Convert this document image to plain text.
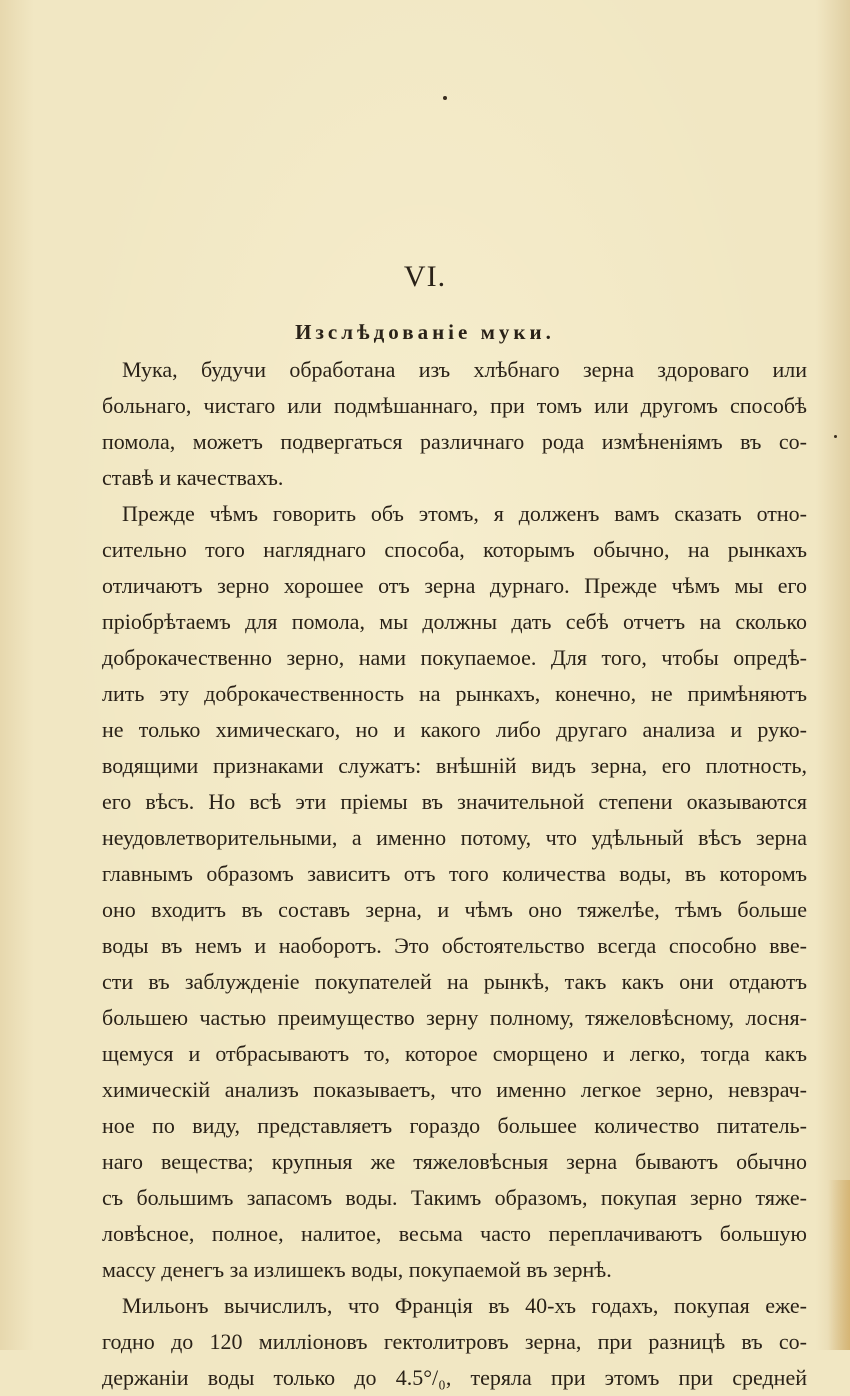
VI.
Изслѣдованіе муки.
Мука, будучи обработана изъ хлѣбнаго зерна здороваго или
больнаго, чистаго или подмѣшаннаго, при томъ или другомъ способѣ
помола, можетъ подвергаться различнаго рода измѣненіямъ въ со-
ставѣ и качествахъ.
Прежде чѣмъ говорить объ этомъ, я долженъ вамъ сказать отно-
сительно того нагляднаго способа, которымъ обычно, на рынкахъ
отличаютъ зерно хорошее отъ зерна дурнаго. Прежде чѣмъ мы его
пріобрѣтаемъ для помола, мы должны дать себѣ отчетъ на сколько
доброкачественно зерно, нами покупаемое. Для того, чтобы опредѣ-
лить эту доброкачественность на рынкахъ, конечно, не примѣняютъ
не только химическаго, но и какого либо другаго анализа и руко-
водящими признаками служатъ: внѣшній видъ зерна, его плотность,
его вѣсъ. Но всѣ эти пріемы въ значительной степени оказываются
неудовлетворительными, а именно потому, что удѣльный вѣсъ зерна
главнымъ образомъ зависитъ отъ того количества воды, въ которомъ
оно входитъ въ составъ зерна, и чѣмъ оно тяжелѣе, тѣмъ больше
воды въ немъ и наоборотъ. Это обстоятельство всегда способно вве-
сти въ заблужденіе покупателей на рынкѣ, такъ какъ они отдаютъ
большею частью преимущество зерну полному, тяжеловѣсному, лосня-
щемуся и отбрасываютъ то, которое сморщено и легко, тогда какъ
химическій анализъ показываетъ, что именно легкое зерно, невзрач-
ное по виду, представляетъ гораздо большее количество питатель-
наго вещества; крупныя же тяжеловѣсныя зерна бываютъ обычно
съ большимъ запасомъ воды. Такимъ образомъ, покупая зерно тяже-
ловѣсное, полное, налитое, весьма часто переплачиваютъ большую
массу денегъ за излишекъ воды, покупаемой въ зернѣ.
Мильонъ вычислилъ, что Франція въ 40-хъ годахъ, покупая еже-
годно до 120 милліоновъ гектолитровъ зерна, при разницѣ въ со-
держаніи воды только до 4.5°/₀, теряла при этомъ при средней
